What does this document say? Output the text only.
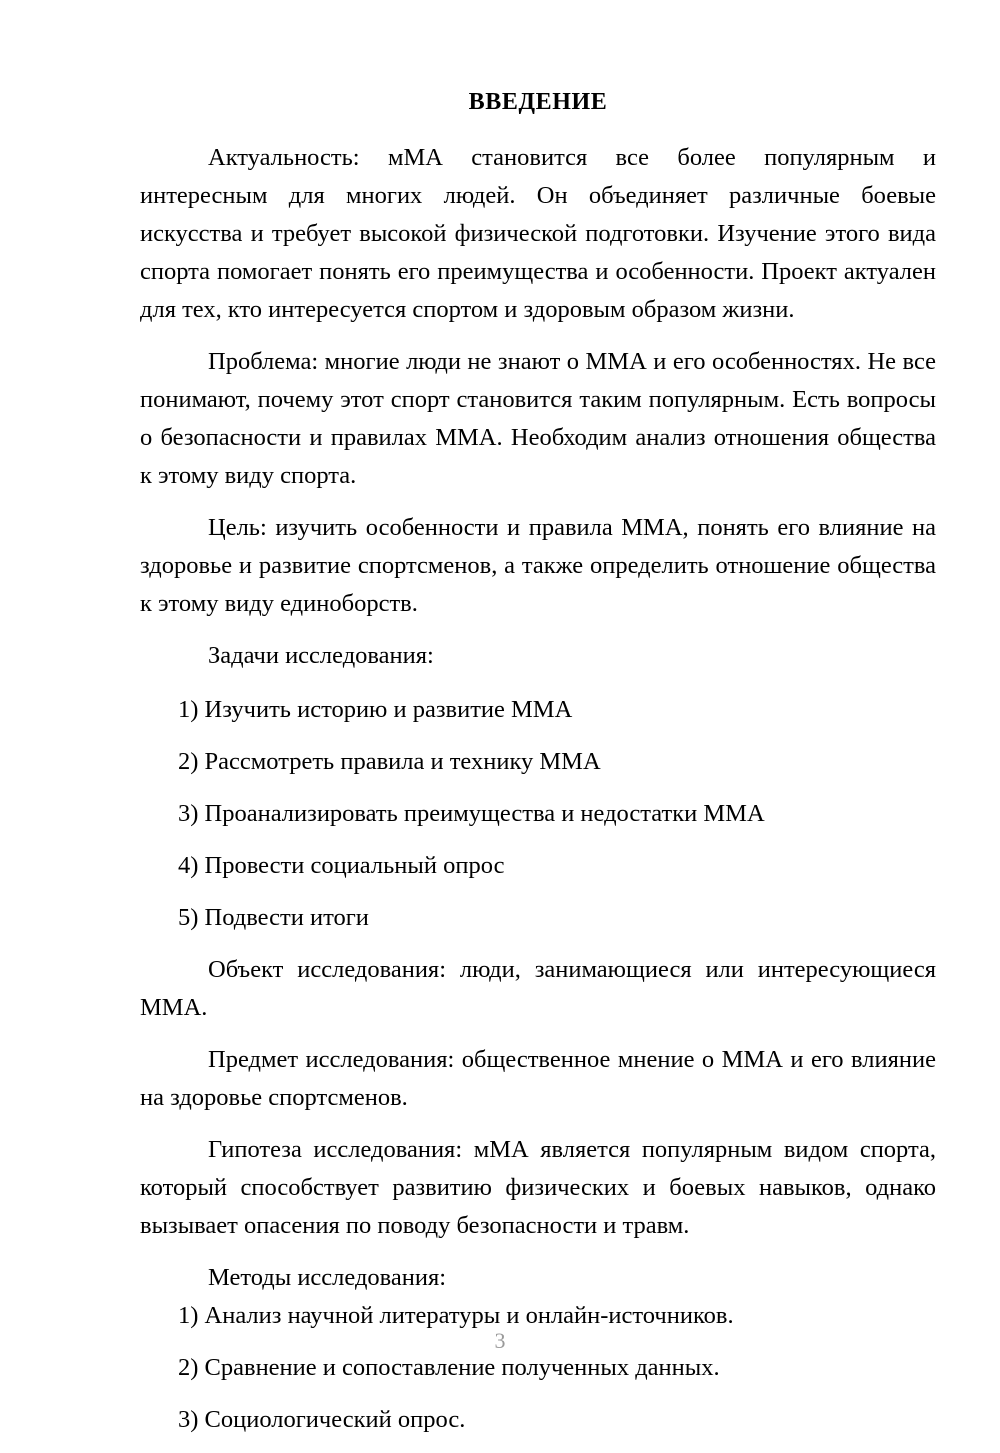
ВВЕДЕНИЕ

Актуальность: мМА становится все более популярным и интересным для многих людей. Он объединяет различные боевые искусства и требует высокой физической подготовки. Изучение этого вида спорта помогает понять его преимущества и особенности. Проект актуален для тех, кто интересуется спортом и здоровым образом жизни.

Проблема: многие люди не знают о ММА и его особенностях. Не все понимают, почему этот спорт становится таким популярным. Есть вопросы о безопасности и правилах ММА. Необходим анализ отношения общества к этому виду спорта.

Цель: изучить особенности и правила ММА, понять его влияние на здоровье и развитие спортсменов, а также определить отношение общества к этому виду единоборств.

Задачи исследования:

1) Изучить историю и развитие ММА
2) Рассмотреть правила и технику ММА
3) Проанализировать преимущества и недостатки ММА
4) Провести социальный опрос
5) Подвести итоги

Объект исследования: люди, занимающиеся или интересующиеся ММА.

Предмет исследования: общественное мнение о ММА и его влияние на здоровье спортсменов.

Гипотеза исследования: мМА является популярным видом спорта, который способствует развитию физических и боевых навыков, однако вызывает опасения по поводу безопасности и травм.

Методы исследования:

1) Анализ научной литературы и онлайн-источников.
2) Сравнение и сопоставление полученных данных.
3) Социологический опрос.
3
